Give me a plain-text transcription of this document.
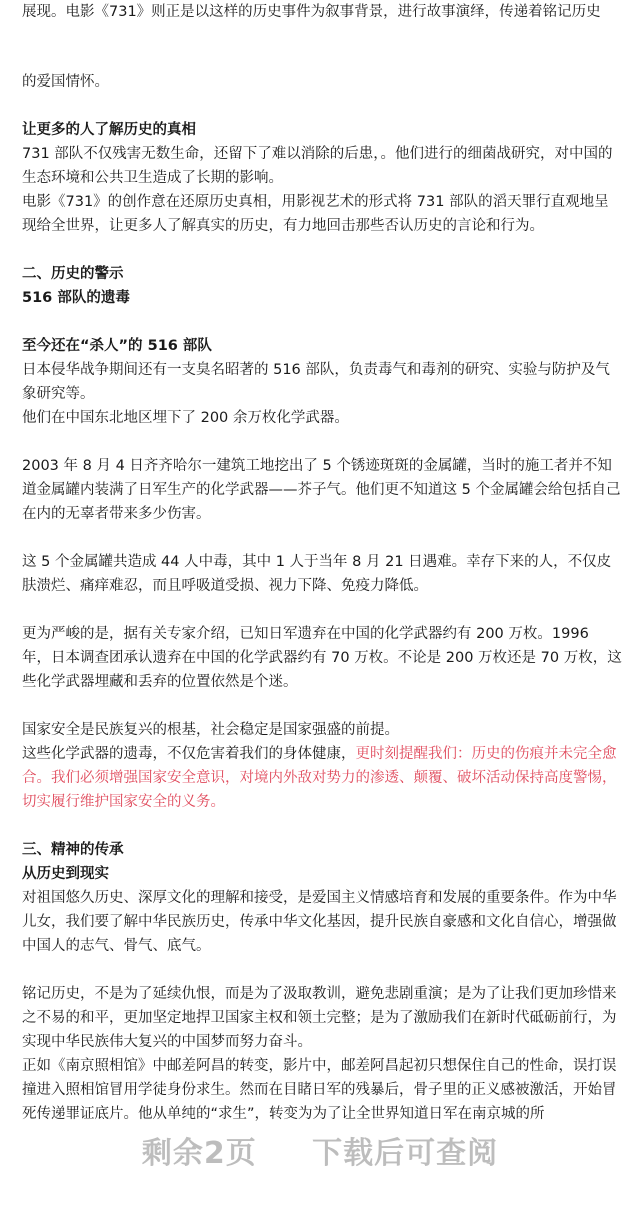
展现。电影《731》则正是以这样的历史事件为叙事背景，进行故事演绎，传递着铭记历史

的爱国情怀。

让更多的人了解历史的真相

731 部队不仅残害无数生命，还留下了难以消除的后患，。他们进行的细菌战研究，对中国的生态环境和公共卫生造成了长期的影响。

电影《731》的创作意在还原历史真相，用影视艺术的形式将 731 部队的滔天罪行直观地呈现给全世界，让更多人了解真实的历史，有力地回击那些否认历史的言论和行为。

二、历史的警示

516 部队的遗毒

至今还在“杀人”的 516 部队

日本侵华战争期间还有一支臭名昭著的 516 部队，负责毒气和毒剂的研究、实验与防护及气象研究等。

他们在中国东北地区埋下了 200 余万枚化学武器。

2003 年 8 月 4 日齐齐哈尔一建筑工地挖出了 5 个锈迹斑斑的金属罐，当时的施工者并不知道金属罐内装满了日军生产的化学武器——芥子气。他们更不知道这 5 个金属罐会给包括自己在内的无辜者带来多少伤害。

这 5 个金属罐共造成 44 人中毒，其中 1 人于当年 8 月 21 日遇难。幸存下来的人，不仅皮肤溃烂、痛痒难忍，而且呼吸道受损、视力下降、免疫力降低。

更为严峻的是，据有关专家介绍，已知日军遗弃在中国的化学武器约有 200 万枚。1996 年，日本调查团承认遗弃在中国的化学武器约有 70 万枚。不论是 200 万枚还是 70 万枚，这些化学武器埋藏和丢弃的位置依然是个迷。

国家安全是民族复兴的根基，社会稳定是国家强盛的前提。

这些化学武器的遗毒，不仅危害着我们的身体健康，更时刻提醒我们：历史的伤痕并未完全愈合。我们必须增强国家安全意识，对境内外敌对势力的渗透、颠覆、破坏活动保持高度警惕，切实履行维护国家安全的义务。

三、精神的传承

从历史到现实

对祖国悠久历史、深厚文化的理解和接受，是爱国主义情感培育和发展的重要条件。作为中华儿女，我们要了解中华民族历史，传承中华文化基因，提升民族自豪感和文化自信心，增强做中国人的志气、骨气、底气。

铭记历史，不是为了延续仇恨，而是为了汲取教训，避免悲剧重演；是为了让我们更加珍惜来之不易的和平，更加坚定地捍卫国家主权和领土完整；是为了激励我们在新时代砥砺前行，为实现中华民族伟大复兴的中国梦而努力奋斗。

正如《南京照相馆》中邮差阿昌的转变，影片中，邮差阿昌起初只想保住自己的性命，误打误撞进入照相馆冒用学徒身份求生。然而在目睹日军的残暴后，骨子里的正义感被激活，开始冒死传递罪证底片。他从单纯的“求生”，转变为为了让全世界知道日军在南京城的所

剩余2页 下载后可查阅
